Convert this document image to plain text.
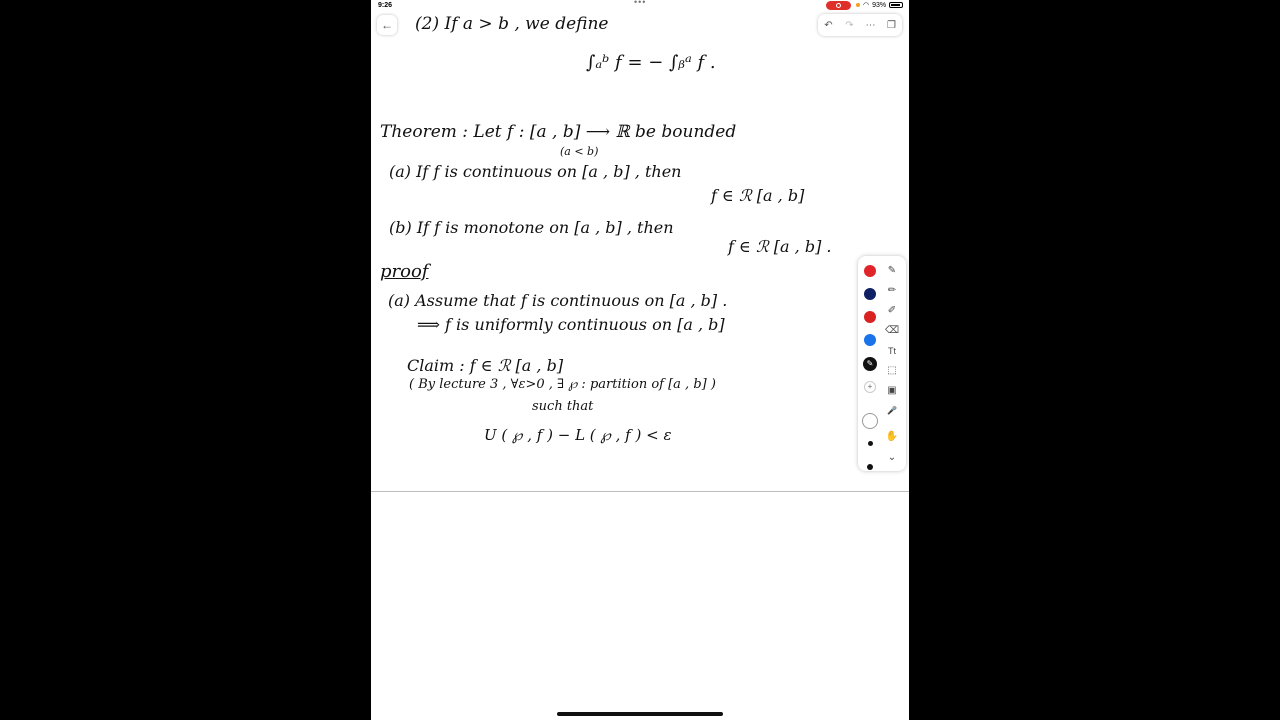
9:26	•••	◠ 93%
←	↶ ↷ ⋯ ❐
(2) If a > b , we define
∫ₐᵇ f = − ∫ᵦᵃ f .
Theorem : Let f : [a , b] ⟶ ℝ be bounded
(a < b)
(a) If f is continuous on [a , b] , then
f ∈ ℛ [a , b]
(b) If f is monotone on [a , b] , then
f ∈ ℛ [a , b] .
proof
(a) Assume that f is continuous on [a , b] .
⟹ f is uniformly continuous on [a , b]
Claim : f ∈ ℛ [a , b]
( By lecture 3 , ∀ε>0 , ∃ ℘ : partition of [a , b] )
such that
U ( ℘ , f ) − L ( ℘ , f ) < ε
✎
+
✎
✏
✐
⌫
Tt
⬚
▣
🎤
✋
⌄
